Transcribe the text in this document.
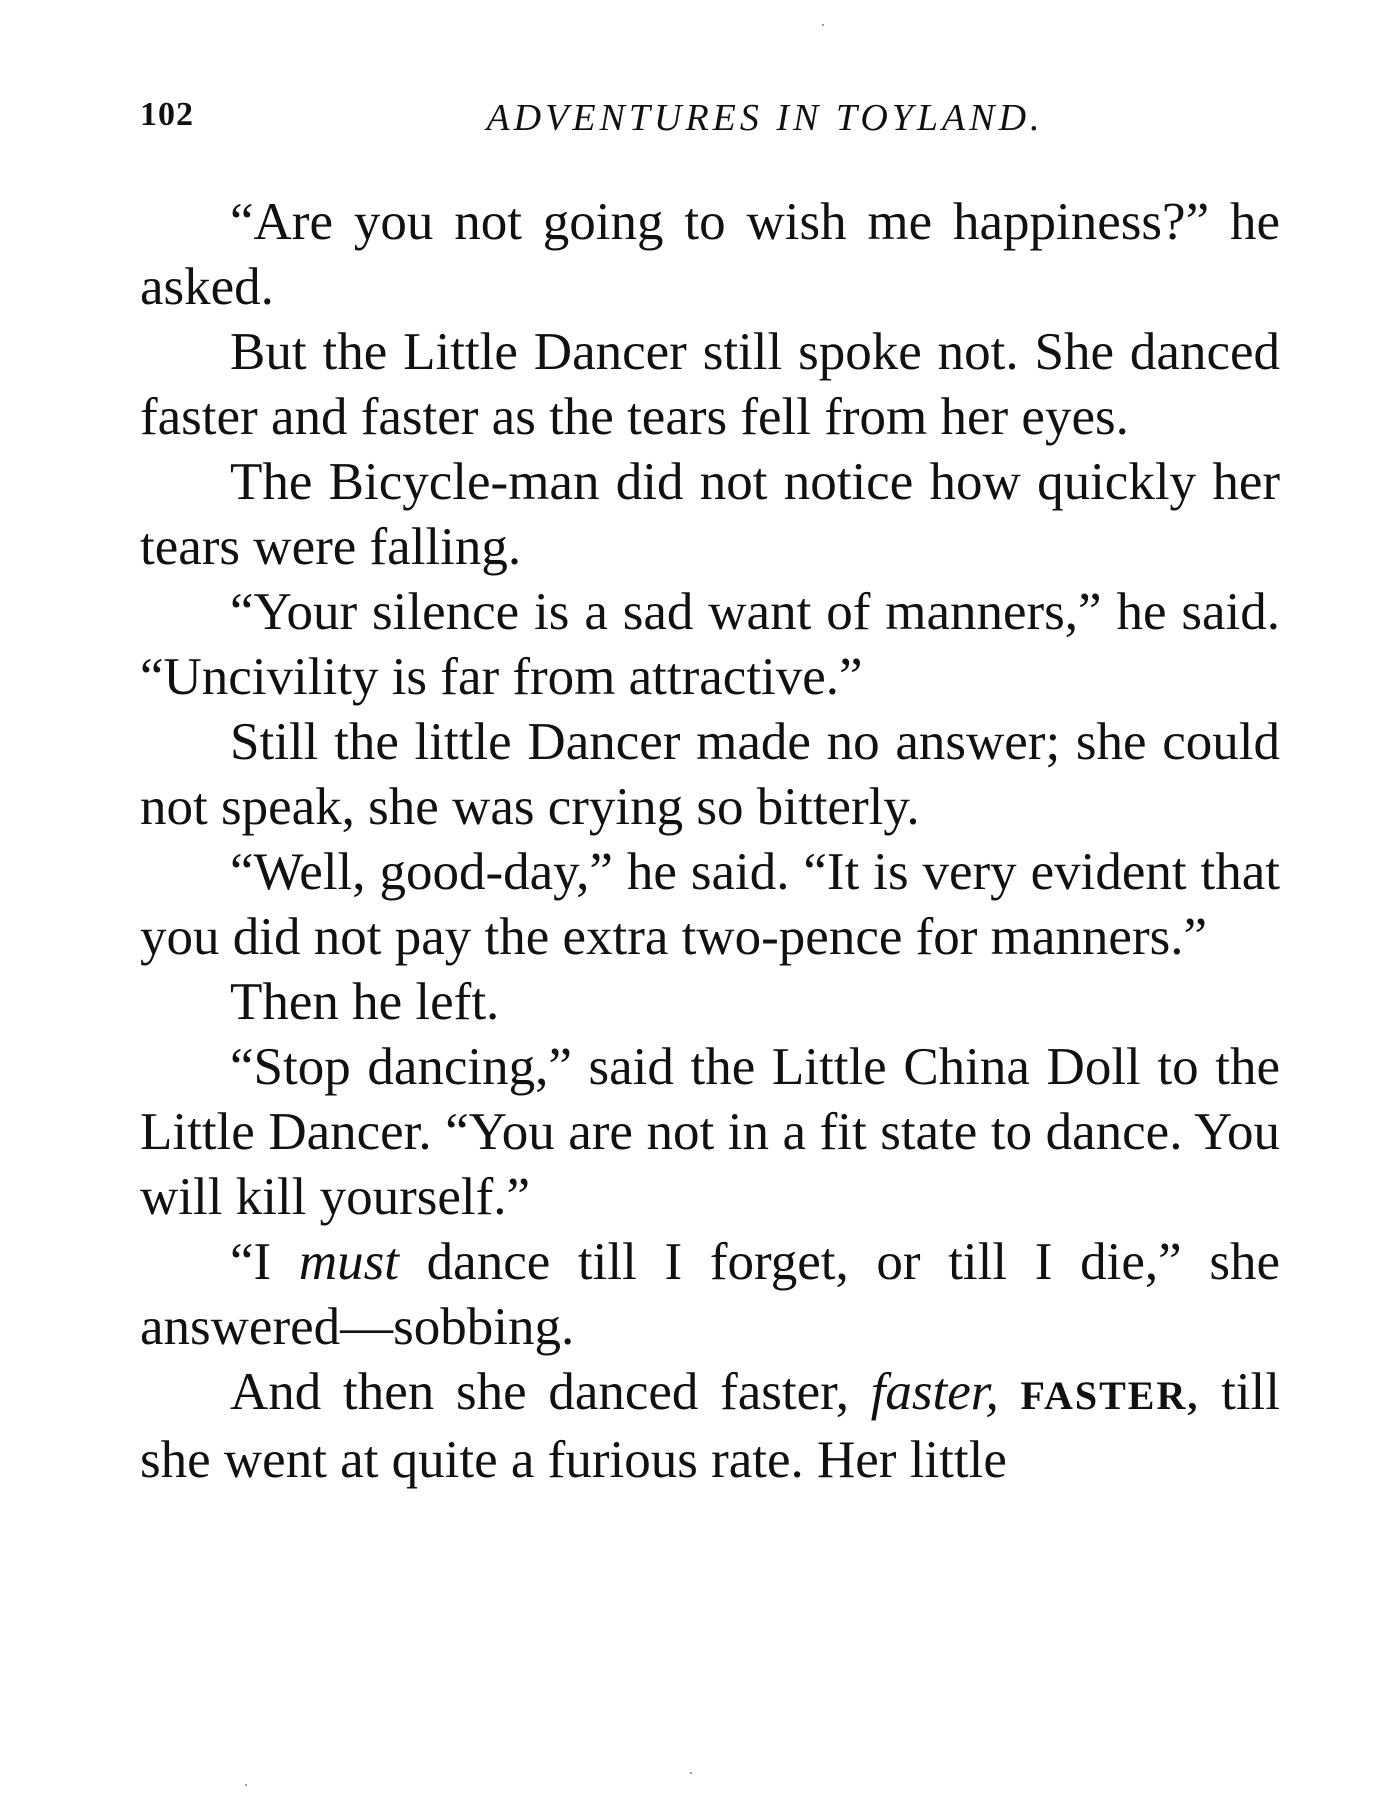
102	ADVENTURES IN TOYLAND.

“Are you not going to wish me happiness?” he asked.

But the Little Dancer still spoke not. She danced faster and faster as the tears fell from her eyes.

The Bicycle-man did not notice how quickly her tears were falling.

“Your silence is a sad want of manners,” he said. “Uncivility is far from attractive.”

Still the little Dancer made no answer; she could not speak, she was crying so bitterly.

“Well, good-day,” he said. “It is very evident that you did not pay the extra two-pence for manners.”

Then he left.

“Stop dancing,” said the Little China Doll to the Little Dancer. “You are not in a fit state to dance. You will kill yourself.”

“I must dance till I forget, or till I die,” she answered—sobbing.

And then she danced faster, faster, FASTER, till she went at quite a furious rate. Her little
